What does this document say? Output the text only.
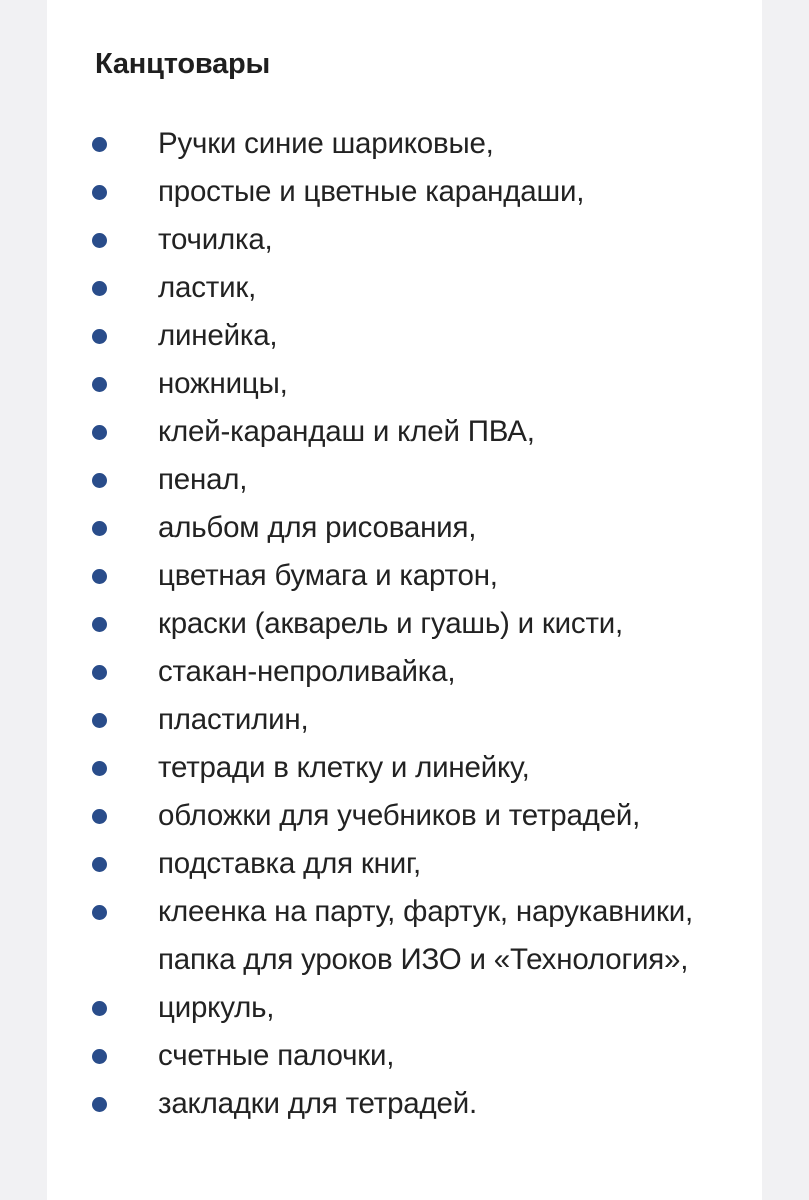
Канцтовары
Ручки синие шариковые,
простые и цветные карандаши,
точилка,
ластик,
линейка,
ножницы,
клей-карандаш и клей ПВА,
пенал,
альбом для рисования,
цветная бумага и картон,
краски (акварель и гуашь) и кисти,
стакан-непроливайка,
пластилин,
тетради в клетку и линейку,
обложки для учебников и тетрадей,
подставка для книг,
клеенка на парту, фартук, нарукавники, папка для уроков ИЗО и «Технология»,
циркуль,
счетные палочки,
закладки для тетрадей.
